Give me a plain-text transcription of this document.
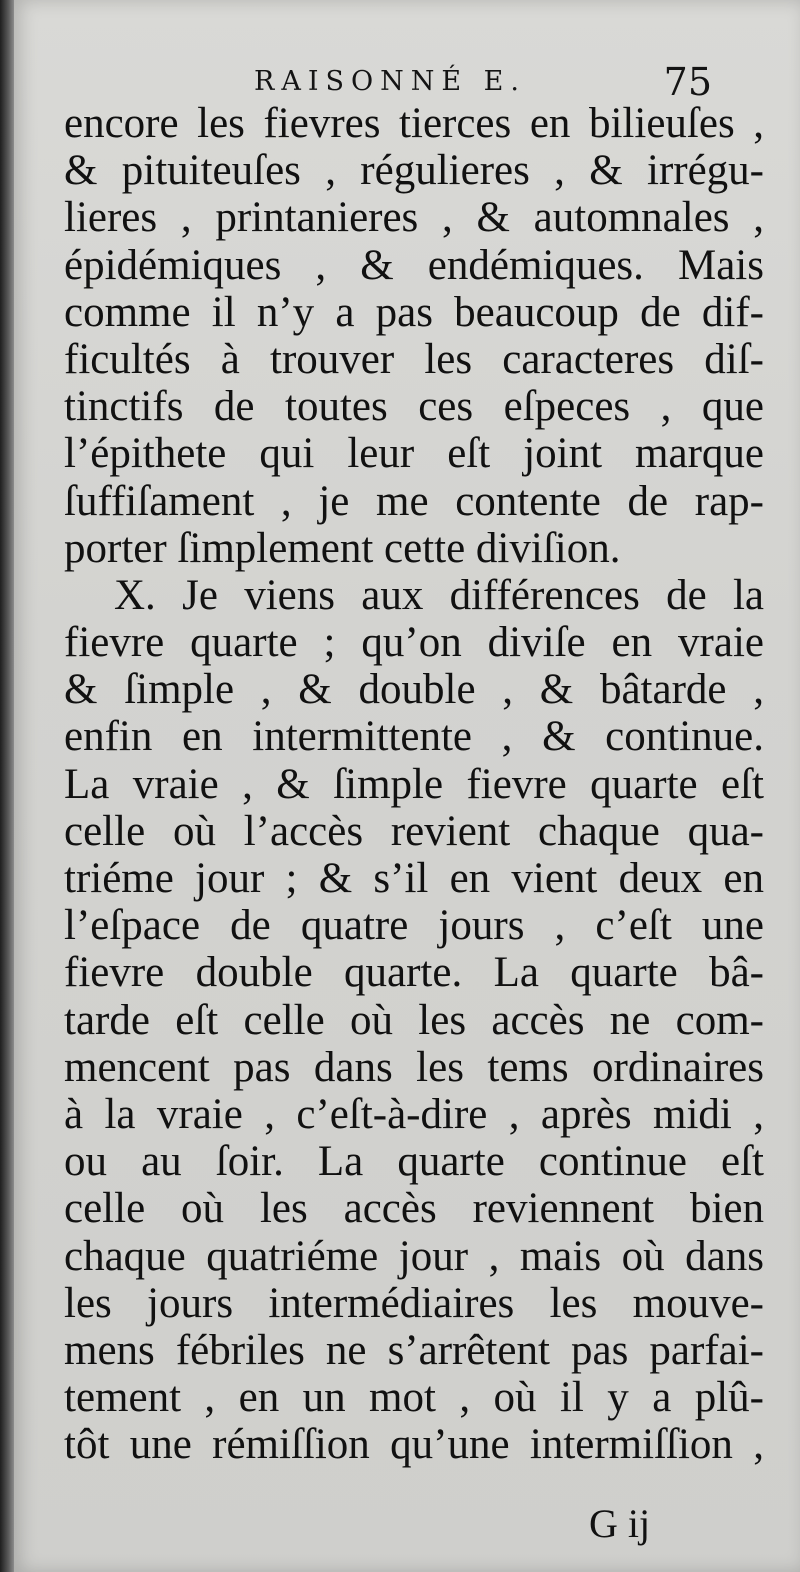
RAISONNÉ E.	75
encore les fievres tierces en bilieuſes ,
& pituiteuſes , régulieres , & irrégu-
lieres , printanieres , & automnales ,
épidémiques , & endémiques. Mais
comme il n’y a pas beaucoup de dif-
ficultés à trouver les caracteres diſ-
tinctifs de toutes ces eſpeces , que
l’épithete qui leur eſt joint marque
ſuffiſament , je me contente de rap-
porter ſimplement cette diviſion.
X. Je viens aux différences de la
fievre quarte ; qu’on diviſe en vraie
& ſimple , & double , & bâtarde ,
enfin en intermittente , & continue.
La vraie , & ſimple fievre quarte eſt
celle où l’accès revient chaque qua-
triéme jour ; & s’il en vient deux en
l’eſpace de quatre jours , c’eſt une
fievre double quarte. La quarte bâ-
tarde eſt celle où les accès ne com-
mencent pas dans les tems ordinaires
à la vraie , c’eſt-à-dire , après midi ,
ou au ſoir. La quarte continue eſt
celle où les accès reviennent bien
chaque quatriéme jour , mais où dans
les jours intermédiaires les mouve-
mens fébriles ne s’arrêtent pas parfai-
tement , en un mot , où il y a plû-
tôt une rémiſſion qu’une intermiſſion ,
G ij
